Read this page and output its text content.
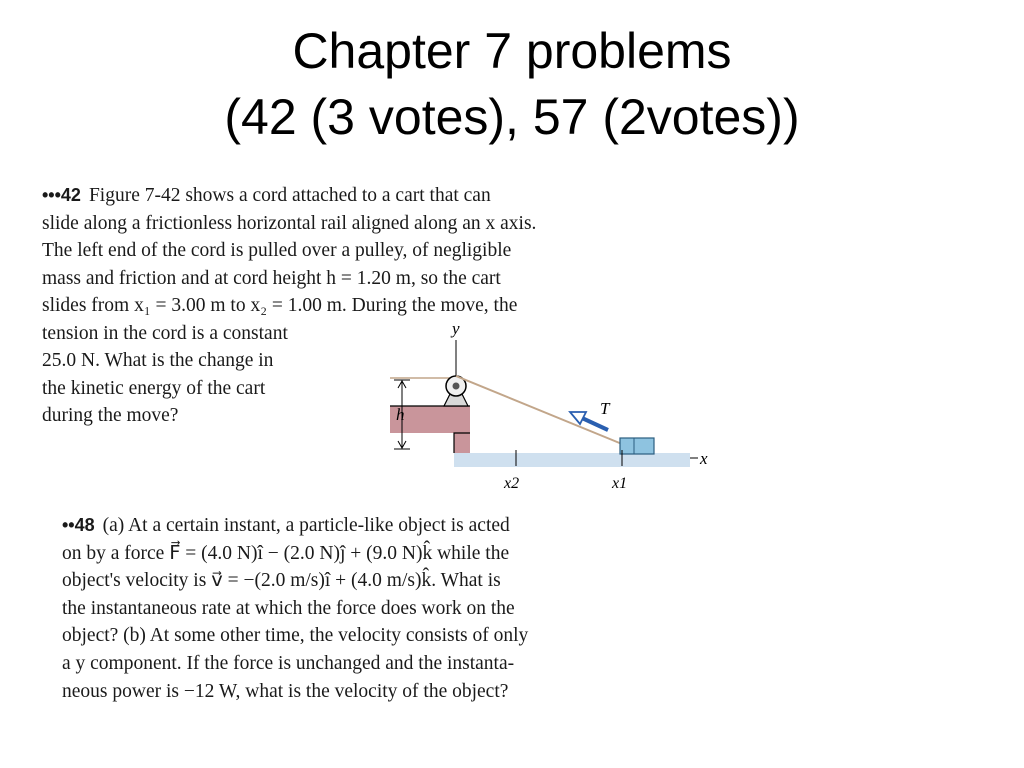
Chapter 7 problems
(42 (3 votes), 57 (2votes))
•••42 Figure 7-42 shows a cord attached to a cart that can
slide along a frictionless horizontal rail aligned along an x axis.
The left end of the cord is pulled over a pulley, of negligible
mass and friction and at cord height h = 1.20 m, so the cart
slides from x₁ = 3.00 m to x₂ = 1.00 m. During the move, the
tension in the cord is a constant
25.0 N. What is the change in
the kinetic energy of the cart
during the move?
y
x
h	T
x2	x1
••48 (a) At a certain instant, a particle-like object is acted
on by a force F⃗ = (4.0 N)î − (2.0 N)ĵ + (9.0 N)k̂ while the
object's velocity is v⃗ = −(2.0 m/s)î + (4.0 m/s)k̂. What is
the instantaneous rate at which the force does work on the
object? (b) At some other time, the velocity consists of only
a y component. If the force is unchanged and the instanta-
neous power is −12 W, what is the velocity of the object?
